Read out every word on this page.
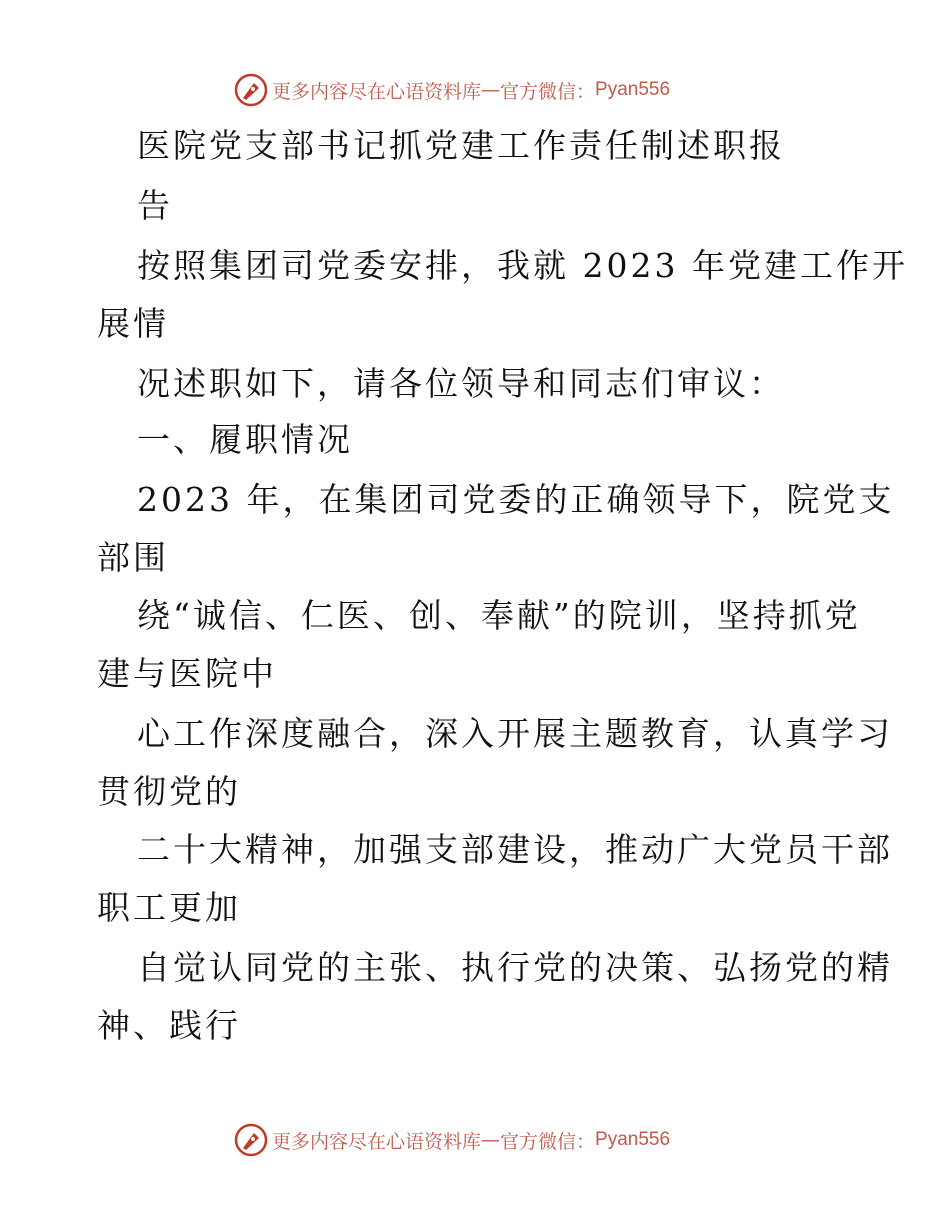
更多内容尽在心语资料库 — 官方微信： Pyan556
医院党支部书记抓党建工作责任制述职报
告
按照集团司党委安排，我就 2023 年党建工作开
展情
况述职如下，请各位领导和同志们审议：
一、履职情况
2023 年，在集团司党委的正确领导下，院党支
部围
绕“诚信、仁医、创、奉献”的院训，坚持抓党
建与医院中
心工作深度融合，深入开展主题教育，认真学习
贯彻党的
二十大精神，加强支部建设，推动广大党员干部
职工更加
自觉认同党的主张、执行党的决策、弘扬党的精
神、践行
更多内容尽在心语资料库 — 官方微信： Pyan556
